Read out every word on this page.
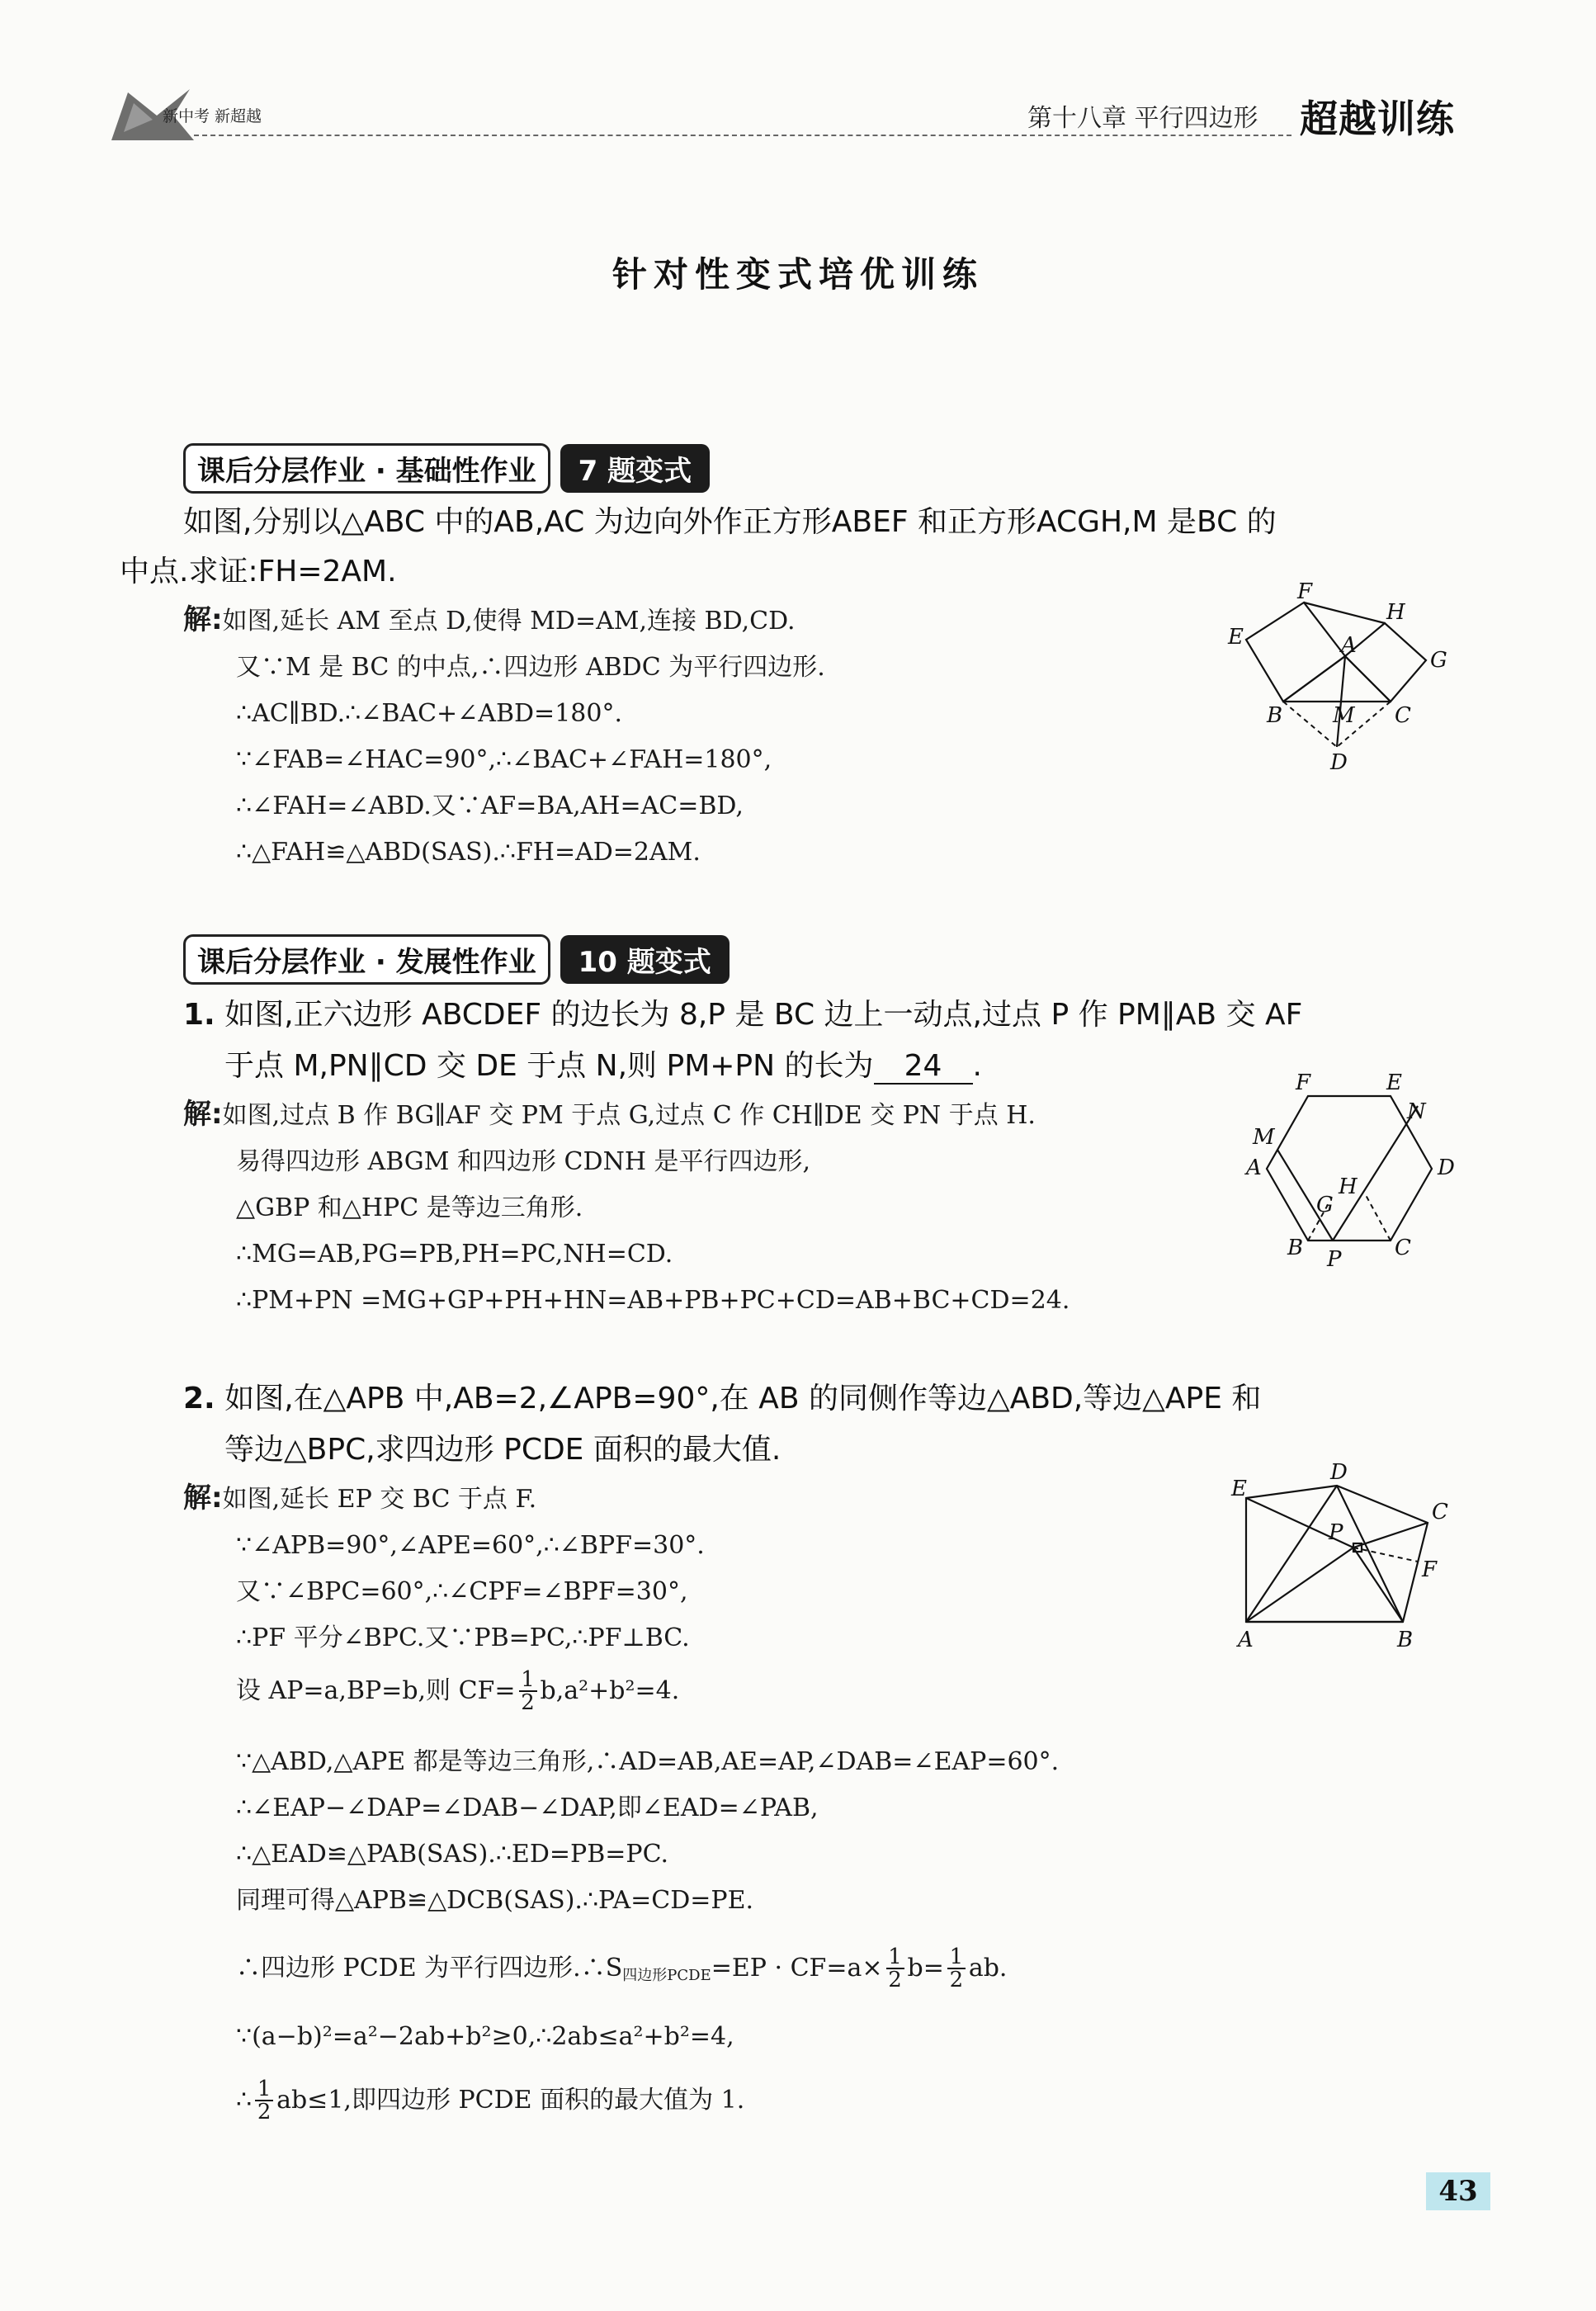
新中考 新超越	第十八章 平行四边形 超越训练
针对性变式培优训练
课后分层作业 · 基础性作业 7 题变式
如图,分别以△ABC 中的AB,AC 为边向外作正方形ABEF 和正方形ACGH,M 是BC 的
中点.求证:FH=2AM.
解:如图,延长 AM 至点 D,使得 MD=AM,连接 BD,CD.
又∵M 是 BC 的中点,∴四边形 ABDC 为平行四边形.
∴AC∥BD.∴∠BAC+∠ABD=180°.
∵∠FAB=∠HAC=90°,∴∠BAC+∠FAH=180°,
∴∠FAH=∠ABD.又∵AF=BA,AH=AC=BD,
∴△FAH≌△ABD(SAS).∴FH=AD=2AM.
F
H
E	A
G
B M C
D
课后分层作业 · 发展性作业 10 题变式
1. 如图,正六边形 ABCDEF 的边长为 8,P 是 BC 边上一动点,过点 P 作 PM∥AB 交 AF
于点 M,PN∥CD 交 DE 于点 N,则 PM+PN 的长为 24 .
解:如图,过点 B 作 BG∥AF 交 PM 于点 G,过点 C 作 CH∥DE 交 PN 于点 H.
易得四边形 ABGM 和四边形 CDNH 是平行四边形,
△GBP 和△HPC 是等边三角形.
∴MG=AB,PG=PB,PH=PC,NH=CD.
∴PM+PN =MG+GP+PH+HN=AB+PB+PC+CD=AB+BC+CD=24.
F	E
N
M
A	D
H
G
B P C
2. 如图,在△APB 中,AB=2,∠APB=90°,在 AB 的同侧作等边△ABD,等边△APE 和
等边△BPC,求四边形 PCDE 面积的最大值.
解:如图,延长 EP 交 BC 于点 F.
∵∠APB=90°,∠APE=60°,∴∠BPF=30°.
又∵∠BPC=60°,∴∠CPF=∠BPF=30°,
∴PF 平分∠BPC.又∵PB=PC,∴PF⊥BC.
设 AP=a,BP=b,则 $CF= \frac{1}{2} b,a^2+b^2=4$.
∵△ABD,△APE 都是等边三角形,∴AD=AB,AE=AP,∠DAB=∠EAP=60°.
∴∠EAP−∠DAP=∠DAB−∠DAP,即∠EAD=∠PAB,
∴△EAD≌△PAB(SAS).∴ED=PB=PC.
同理可得△APB≌△DCB(SAS).∴PA=CD=PE.
∴四边形 PCDE 为平行四边形.∴S 四边形PCDE $=EP \cdot CF=a\times \frac{1}{2} b= \frac{1}{2}$ ab.
∵(a−b)²=a²−2ab+b²≥0,∴2ab≤a²+b²=4,
∴ $\frac{1}{2} ab\le 1$,即四边形 PCDE 面积的最大值为 1.
D
E
C
P
F
A	B
43
